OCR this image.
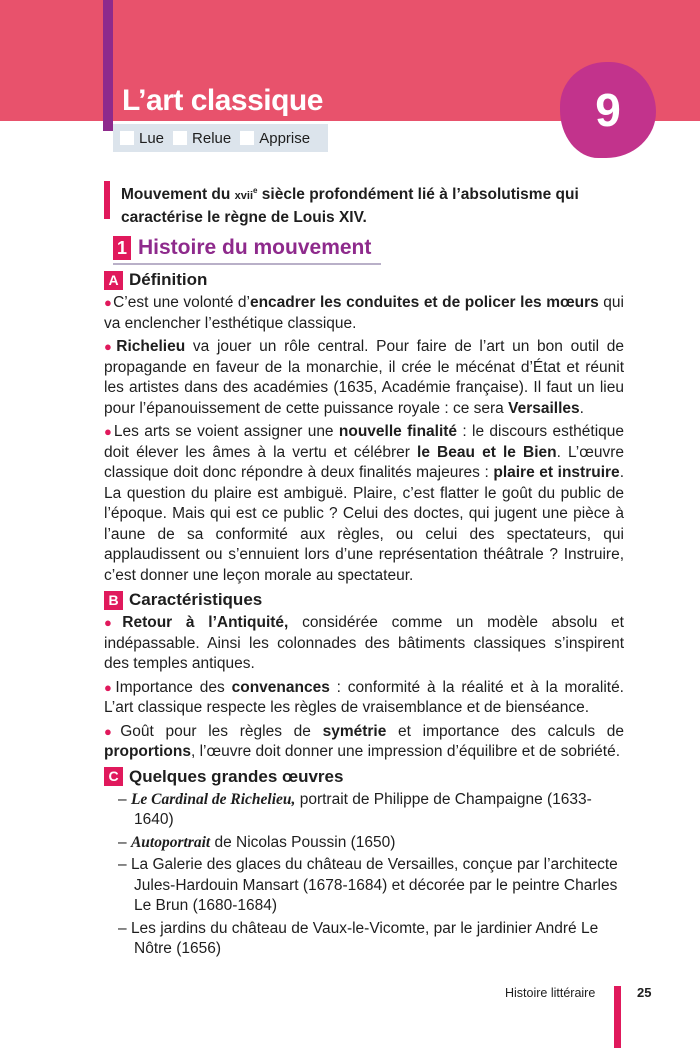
L’art classique	9
Lue Relue Apprise

Mouvement du xvii$^e$ siècle profondément lié à l’absolutisme qui caractérise le règne de Louis XIV.

1 Histoire du mouvement
A Définition

●C’est une volonté d’encadrer les conduites et de policer les mœurs qui va enclencher l’esthétique classique.

●Richelieu va jouer un rôle central. Pour faire de l’art un bon outil de propagande en faveur de la monarchie, il crée le mécénat d’État et réunit les artistes dans des académies (1635, Académie française). Il faut un lieu pour l’épanouissement de cette puissance royale : ce sera Versailles.

●Les arts se voient assigner une nouvelle finalité : le discours esthétique doit élever les âmes à la vertu et célébrer le Beau et le Bien. L’œuvre classique doit donc répondre à deux finalités majeures : plaire et instruire. La question du plaire est ambiguë. Plaire, c’est flatter le goût du public de l’époque. Mais qui est ce public ? Celui des doctes, qui jugent une pièce à l’aune de sa conformité aux règles, ou celui des spectateurs, qui applaudissent ou s’ennuient lors d’une représentation théâtrale ? Instruire, c’est donner une leçon morale au spectateur.

B Caractéristiques

●Retour à l’Antiquité, considérée comme un modèle absolu et indépassable. Ainsi les colonnades des bâtiments classiques s’inspirent des temples antiques.

●Importance des convenances : conformité à la réalité et à la moralité. L’art classique respecte les règles de vraisemblance et de bienséance.

●Goût pour les règles de symétrie et importance des calculs de proportions, l’œuvre doit donner une impression d’équilibre et de sobriété.

C Quelques grandes œuvres
– Le Cardinal de Richelieu, portrait de Philippe de Champaigne (1633-1640)
– Autoportrait de Nicolas Poussin (1650)
– La Galerie des glaces du château de Versailles, conçue par l’architecte Jules-Hardouin Mansart (1678-1684) et décorée par le peintre Charles Le Brun (1680-1684)
– Les jardins du château de Vaux-le-Vicomte, par le jardinier André Le Nôtre (1656)
Histoire littéraire	25
